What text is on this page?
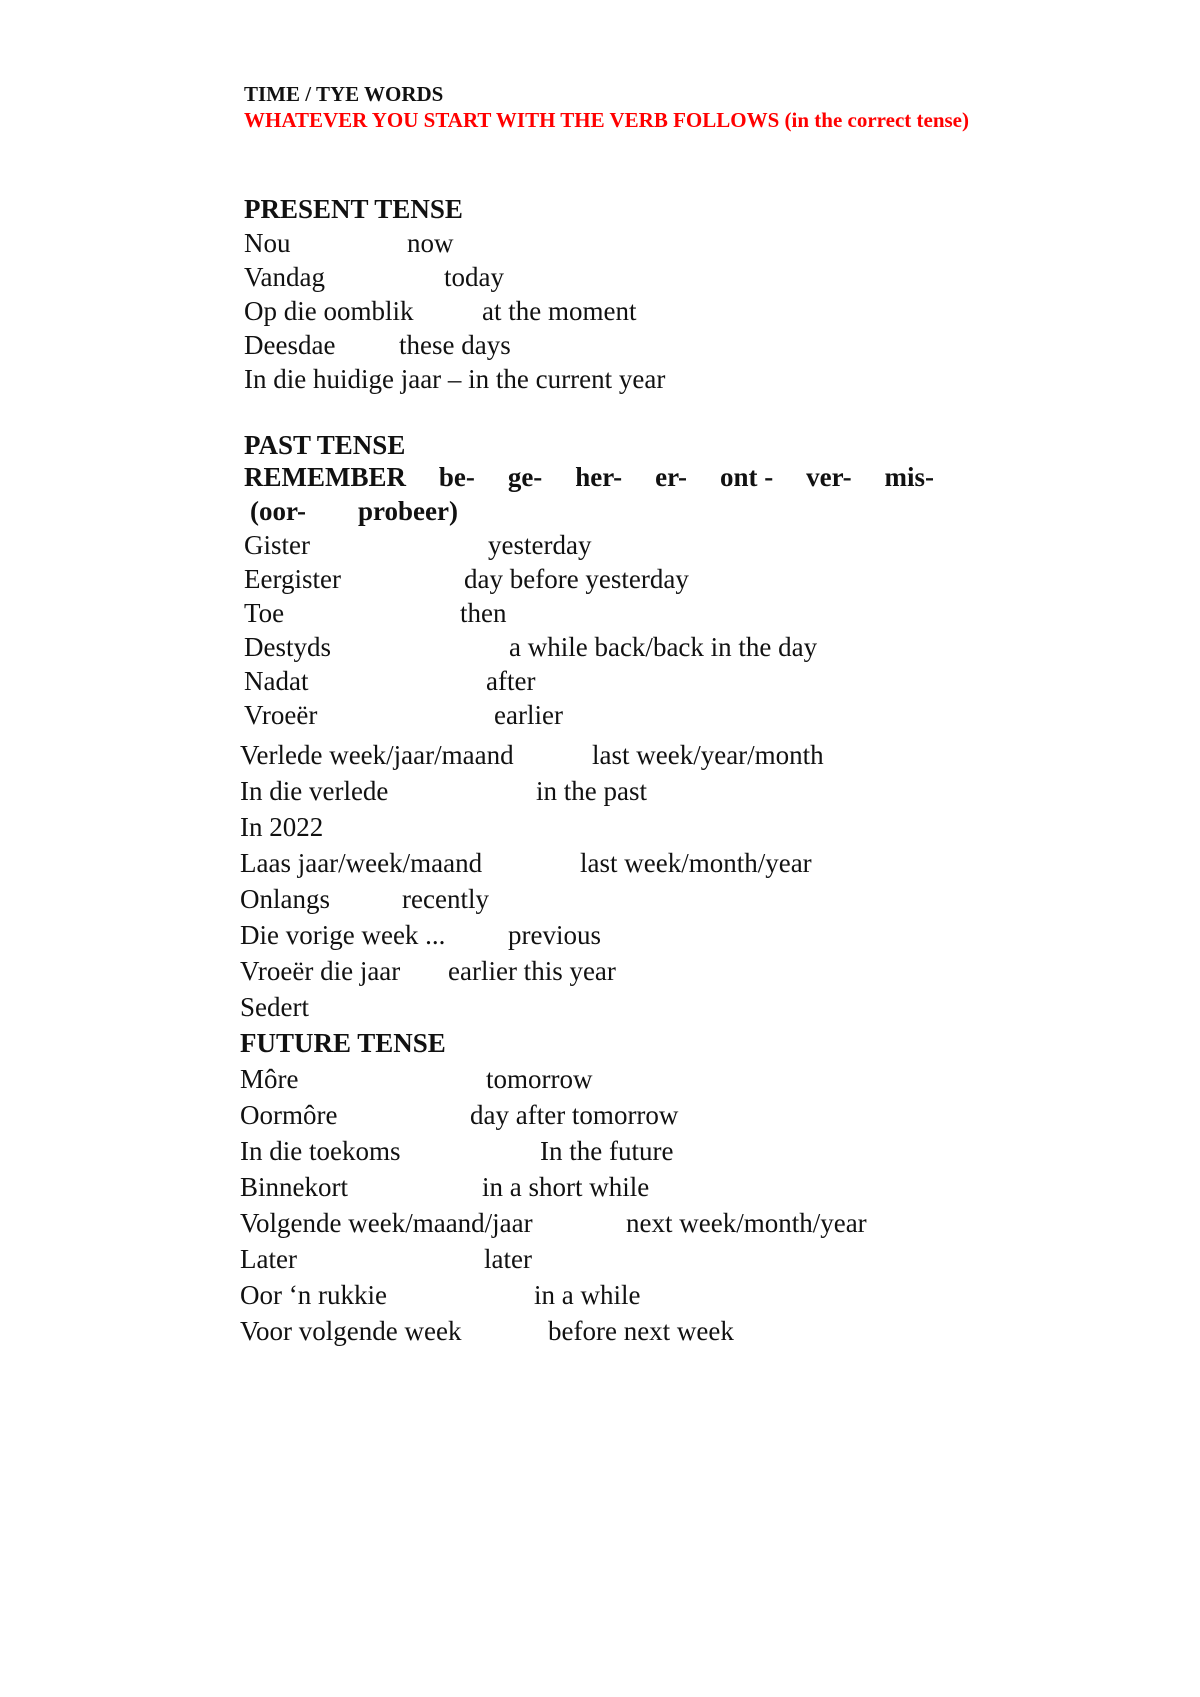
TIME / TYE WORDS

WHATEVER YOU START WITH THE VERB FOLLOWS (in the correct tense)

PRESENT TENSE
Nou	now
Vandag	today
Op die oomblik	at the moment
Deesdae these days
In die huidige jaar – in the current year
PAST TENSE
REMEMBER be- ge- her- er- ont - ver- mis-
(oor- probeer)
Gister	yesterday
Eergister	day before yesterday
Toe	then
Destyds	a while back/back in the day
Nadat	after
Vroeër	earlier
Verlede week/jaar/maand	last week/year/month
In die verlede	in the past
In 2022
Laas jaar/week/maand	last week/month/year
Onlangs	recently
Die vorige week ... previous
Vroeër die jaar earlier this year
Sedert
FUTURE TENSE
Môre	tomorrow
Oormôre	day after tomorrow
In die toekoms	In the future
Binnekort	in a short while
Volgende week/maand/jaar	next week/month/year
Later	later
Oor ‘n rukkie	in a while
Voor volgende week	before next week
